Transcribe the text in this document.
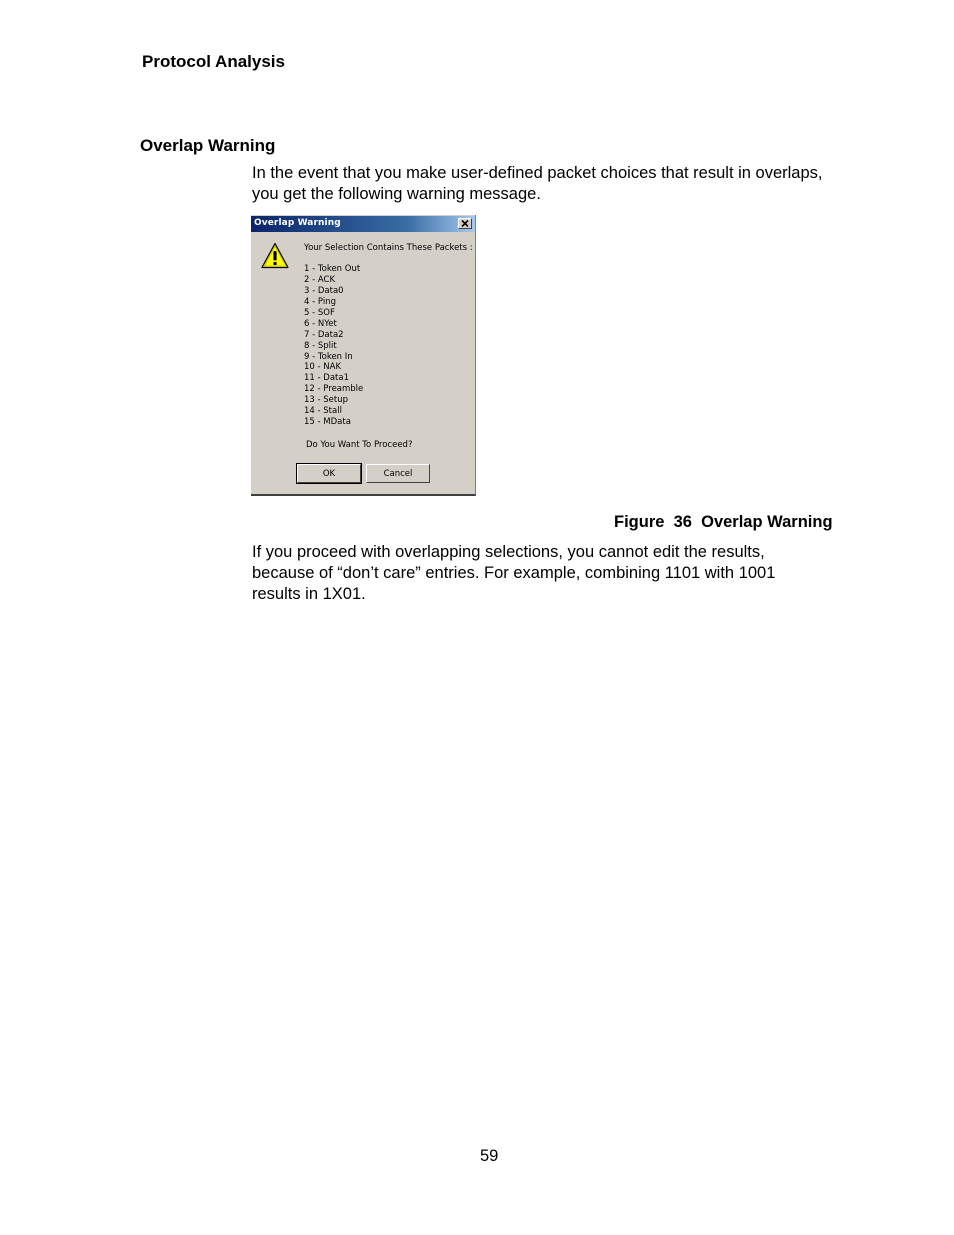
Protocol Analysis
Overlap Warning

In the event that you make user-defined packet choices that result in overlaps, you get the following warning message.

Overlap Warning
Your Selection Contains These Packets :
1 - Token Out
2 - ACK
3 - Data0
4 - Ping
5 - SOF
6 - NYet
7 - Data2
8 - Split
9 - Token In
10 - NAK
11 - Data1
12 - Preamble
13 - Setup
14 - Stall
15 - MData
Do You Want To Proceed?
OK	Cancel

Figure  36  Overlap Warning

If you proceed with overlapping selections, you cannot edit the results, because of “don’t care” entries. For example, combining 1101 with 1001 results in 1X01.

59
